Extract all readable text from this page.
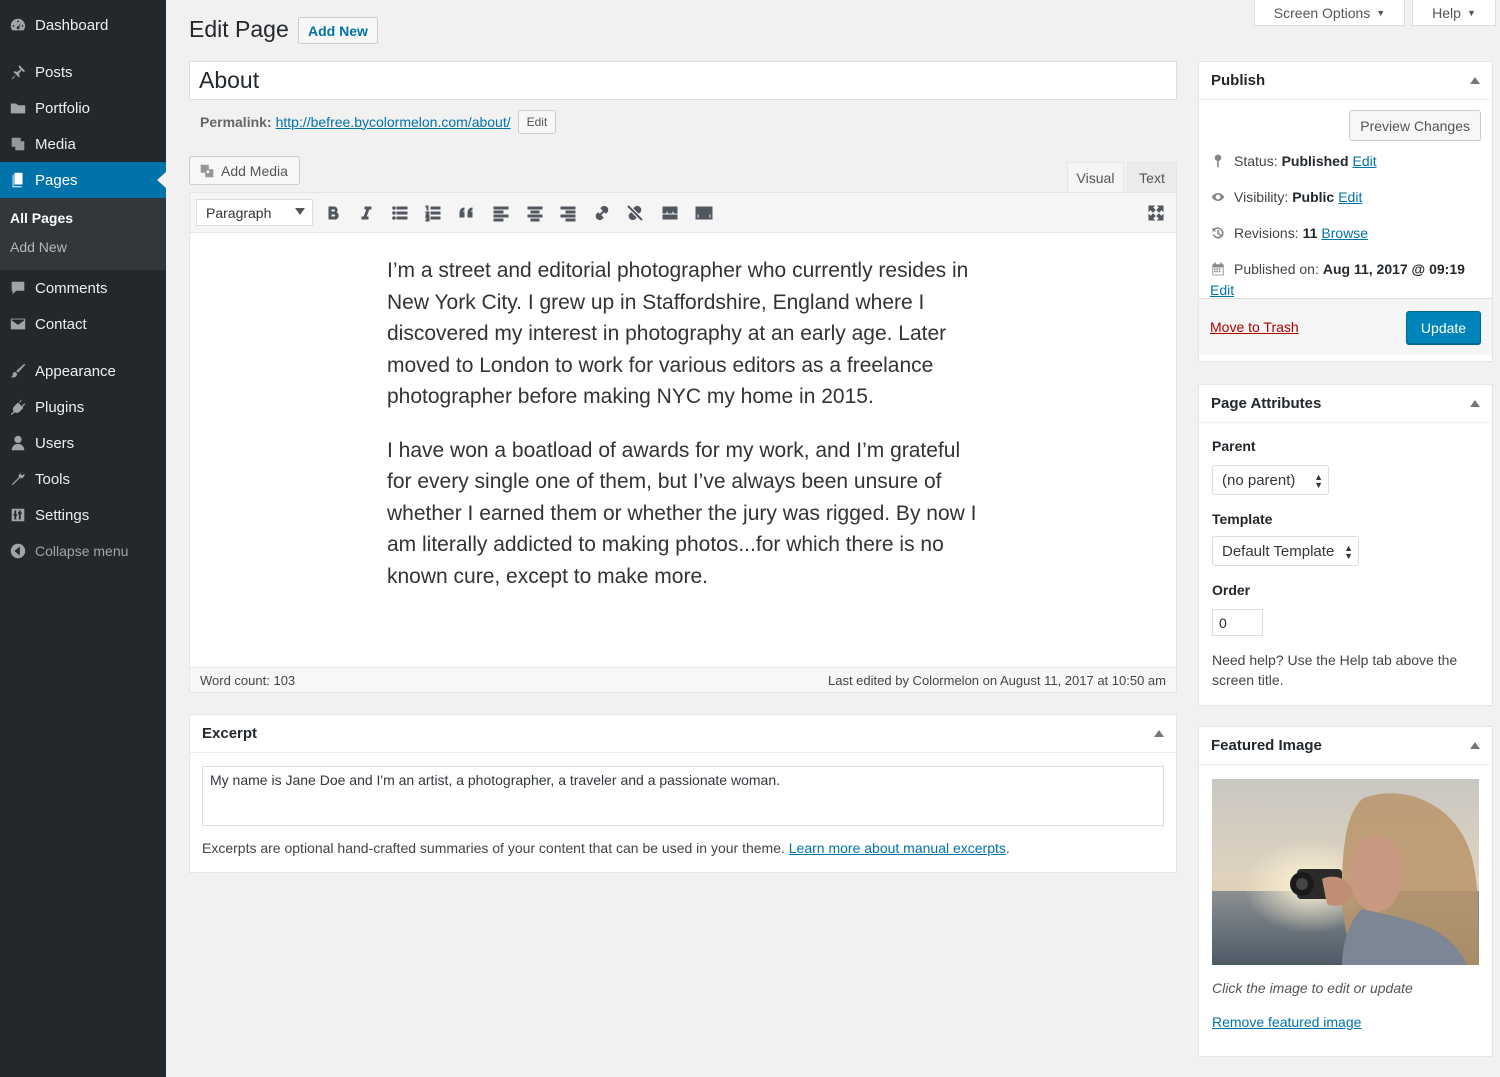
Dashboard
Posts
Portfolio
Media
Pages
All Pages
Add New
Comments
Contact
Appearance
Plugins
Users
Tools
Settings
Collapse menu
Screen Options ▼	Help ▼
Edit Page	Add New
About
Permalink: http://befree.bycolormelon.com/about/	Edit
Add Media	Visual	Text
Paragraph

I’m a street and editorial photographer who currently resides in New York City. I grew up in Staffordshire, England where I discovered my interest in photography at an early age. Later moved to London to work for various editors as a freelance photographer before making NYC my home in 2015.

I have won a boatload of awards for my work, and I’m grateful for every single one of them, but I’ve always been unsure of whether I earned them or whether the jury was rigged. By now I am literally addicted to making photos...for which there is no known cure, except to make more.

Word count: 103	Last edited by Colormelon on August 11, 2017 at 10:50 am
Excerpt
My name is Jane Doe and I'm an artist, a photographer, a traveler and a passionate woman.
Excerpts are optional hand-crafted summaries of your content that can be used in your theme. Learn more about manual excerpts.
Publish
Preview Changes
Status: Published Edit
Visibility: Public Edit
Revisions: 11 Browse
Published on: Aug 11, 2017 @ 09:19
Edit
Move to Trash	Update
Page Attributes
Parent
(no parent) ▲
▼
Template
Default Template ▲
▼
Order
0
Need help? Use the Help tab above the screen title.
Featured Image
Click the image to edit or update
Remove featured image
